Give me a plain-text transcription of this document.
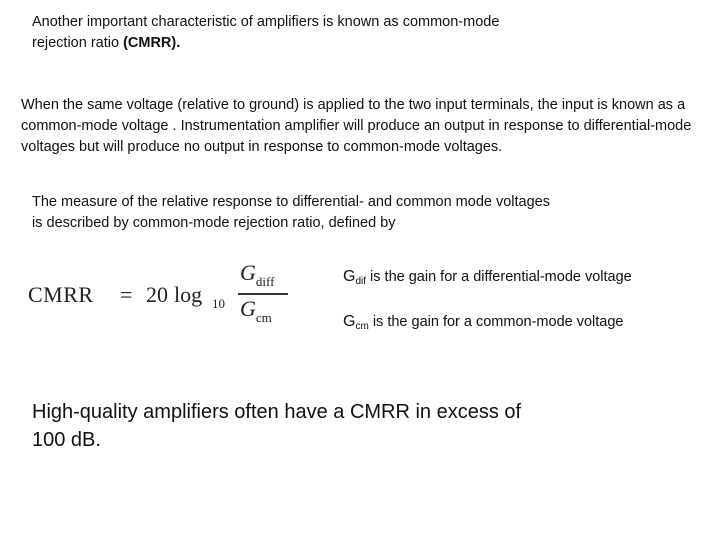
Another important characteristic of amplifiers is known as common-mode rejection ratio (CMRR).
When the same voltage (relative to ground) is applied to the two input terminals, the input is known as a common-mode voltage . Instrumentation amplifier will produce an output in response to differential-mode voltages but will produce no output in response to common-mode voltages.
The measure of the relative response to differential- and common mode voltages is described by common-mode rejection ratio, defined by
CMRR = 20 log 10
$G_{diff}$
$G_{cm}$
$G_{dif}$ is the gain for a differential-mode voltage
$G_{cm}$ is the gain for a common-mode voltage
High-quality amplifiers often have a CMRR in excess of 100 dB.
